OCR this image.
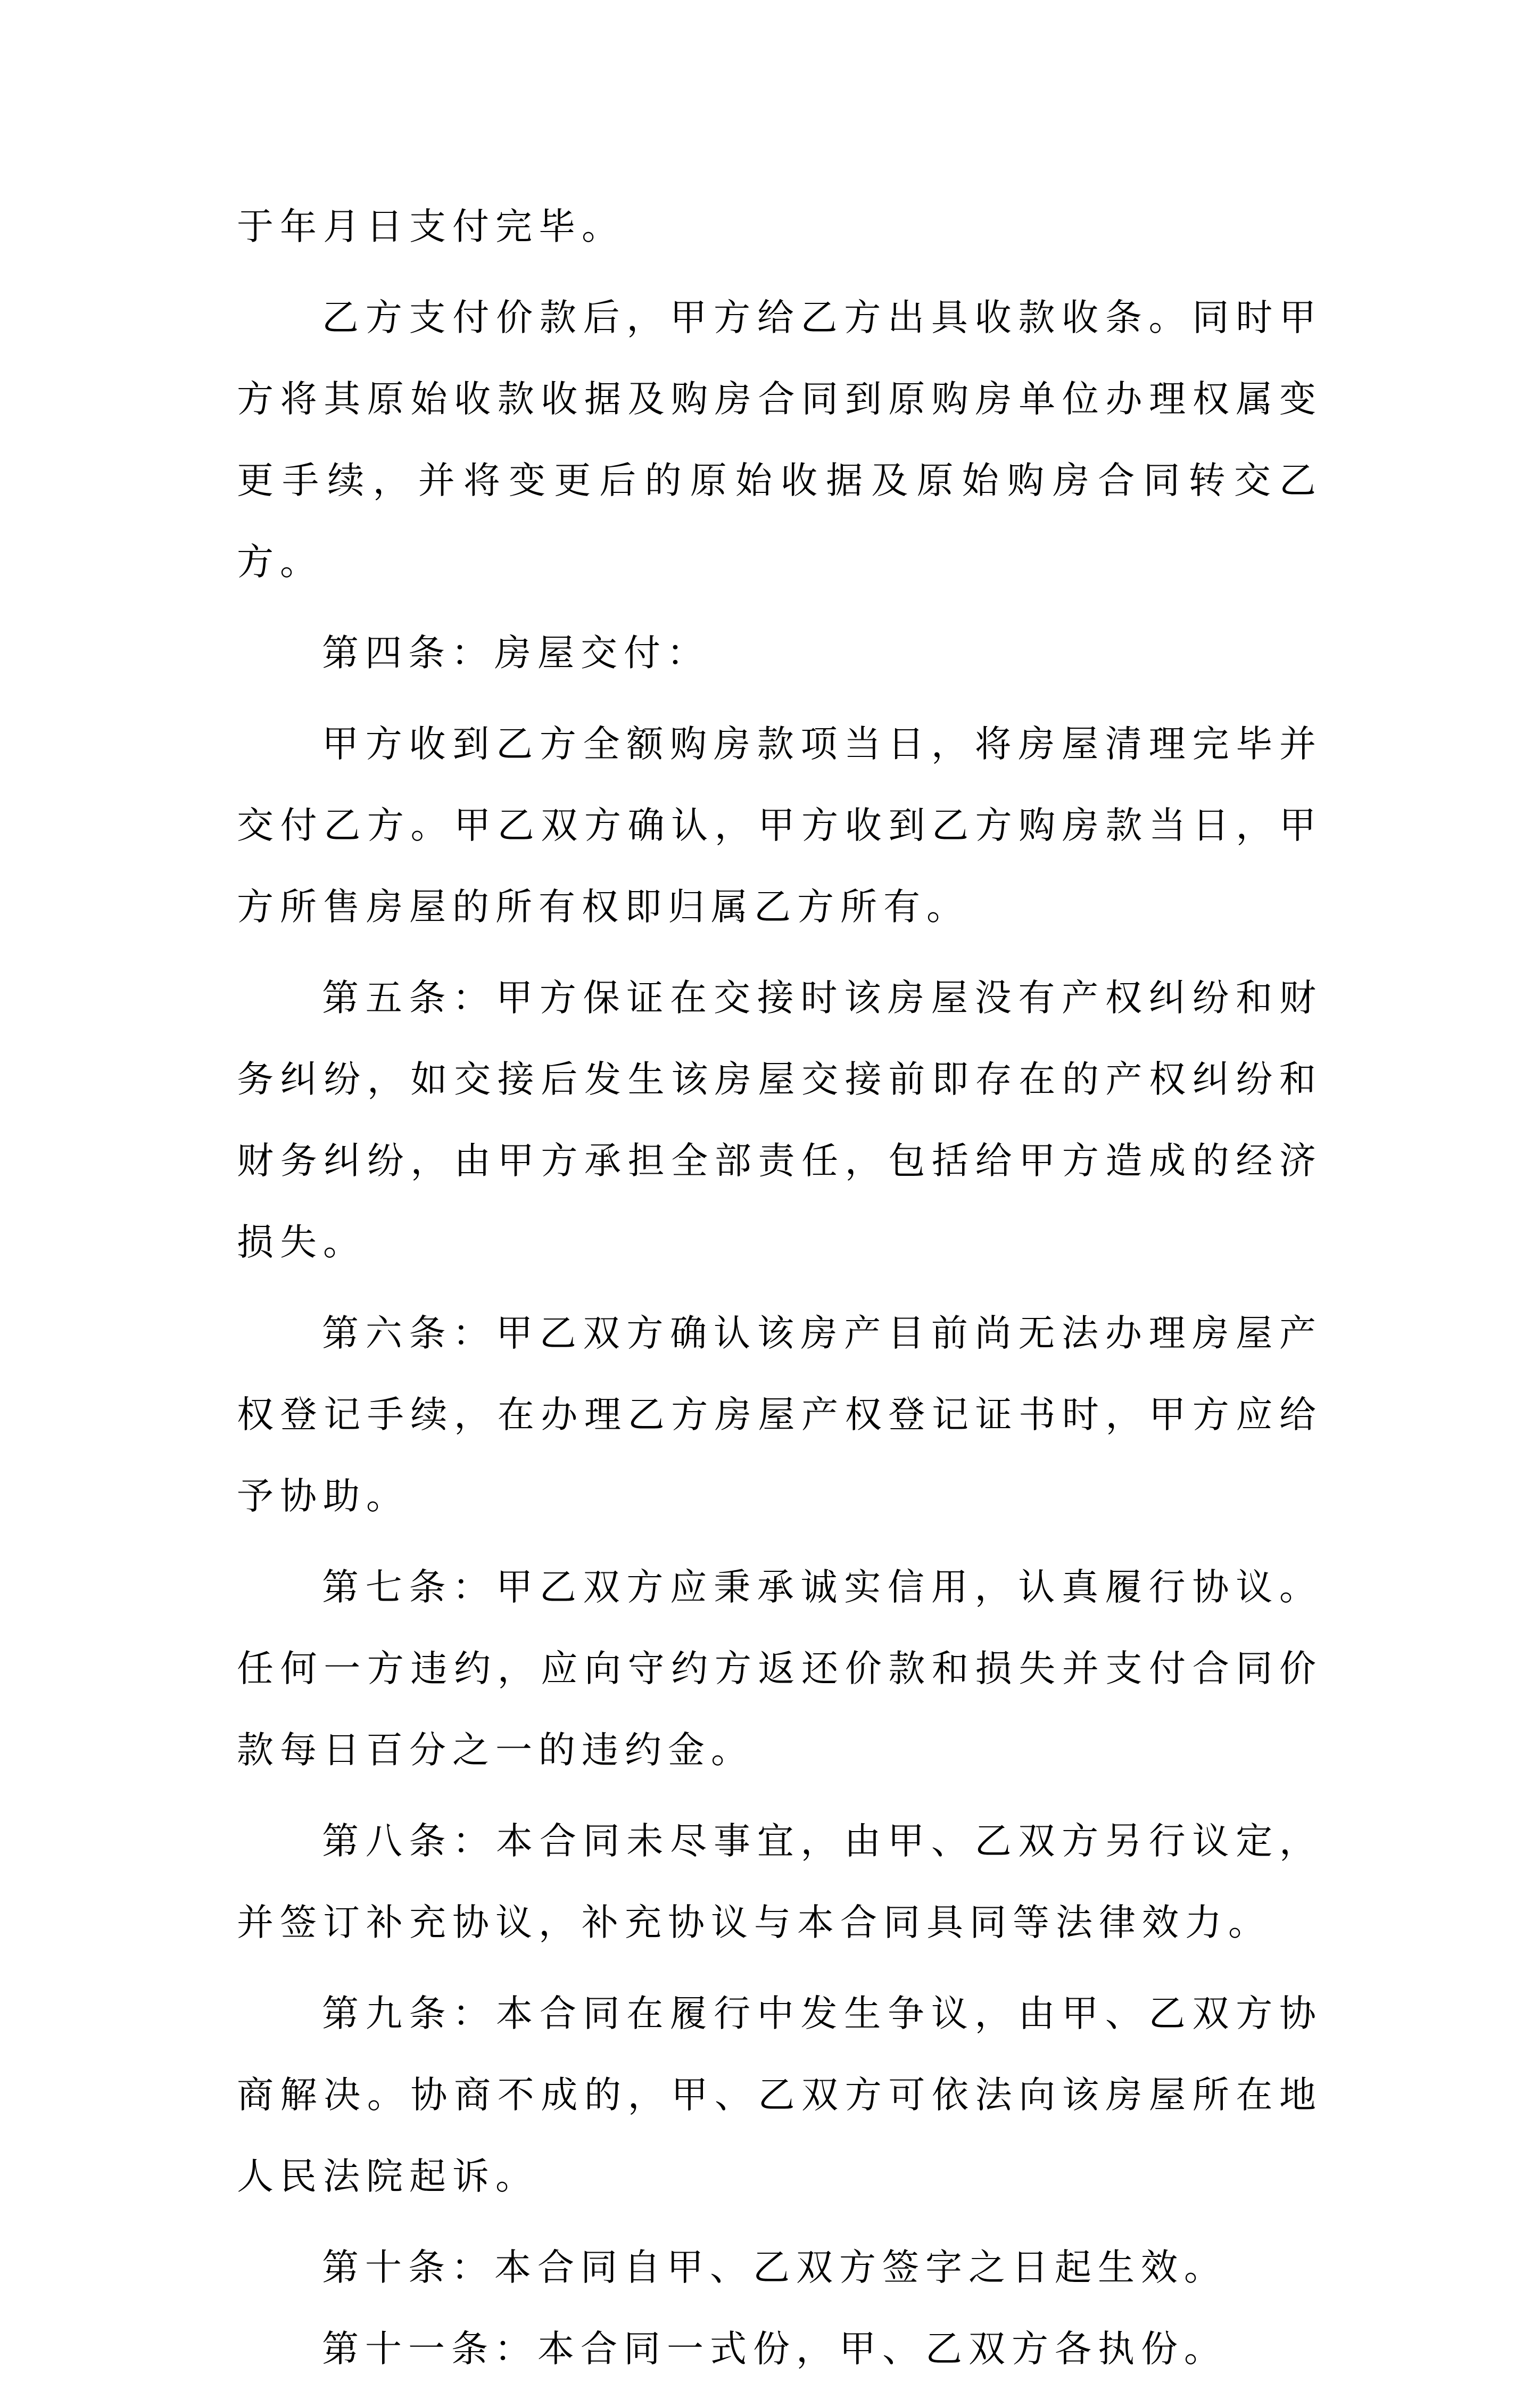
于年月日支付完毕。

乙方支付价款后，甲方给乙方出具收款收条。同时甲方将其原始收款收据及购房合同到原购房单位办理权属变更手续，并将变更后的原始收据及原始购房合同转交乙方。

第四条：房屋交付：

甲方收到乙方全额购房款项当日，将房屋清理完毕并交付乙方。甲乙双方确认，甲方收到乙方购房款当日，甲方所售房屋的所有权即归属乙方所有。

第五条：甲方保证在交接时该房屋没有产权纠纷和财务纠纷，如交接后发生该房屋交接前即存在的产权纠纷和财务纠纷，由甲方承担全部责任，包括给甲方造成的经济损失。

第六条：甲乙双方确认该房产目前尚无法办理房屋产权登记手续，在办理乙方房屋产权登记证书时，甲方应给予协助。

第七条：甲乙双方应秉承诚实信用，认真履行协议。任何一方违约，应向守约方返还价款和损失并支付合同价款每日百分之一的违约金。

第八条：本合同未尽事宜，由甲、乙双方另行议定，并签订补充协议，补充协议与本合同具同等法律效力。

第九条：本合同在履行中发生争议，由甲、乙双方协商解决。协商不成的，甲、乙双方可依法向该房屋所在地人民法院起诉。

第十条：本合同自甲、乙双方签字之日起生效。

第十一条：本合同一式份，甲、乙双方各执份。
